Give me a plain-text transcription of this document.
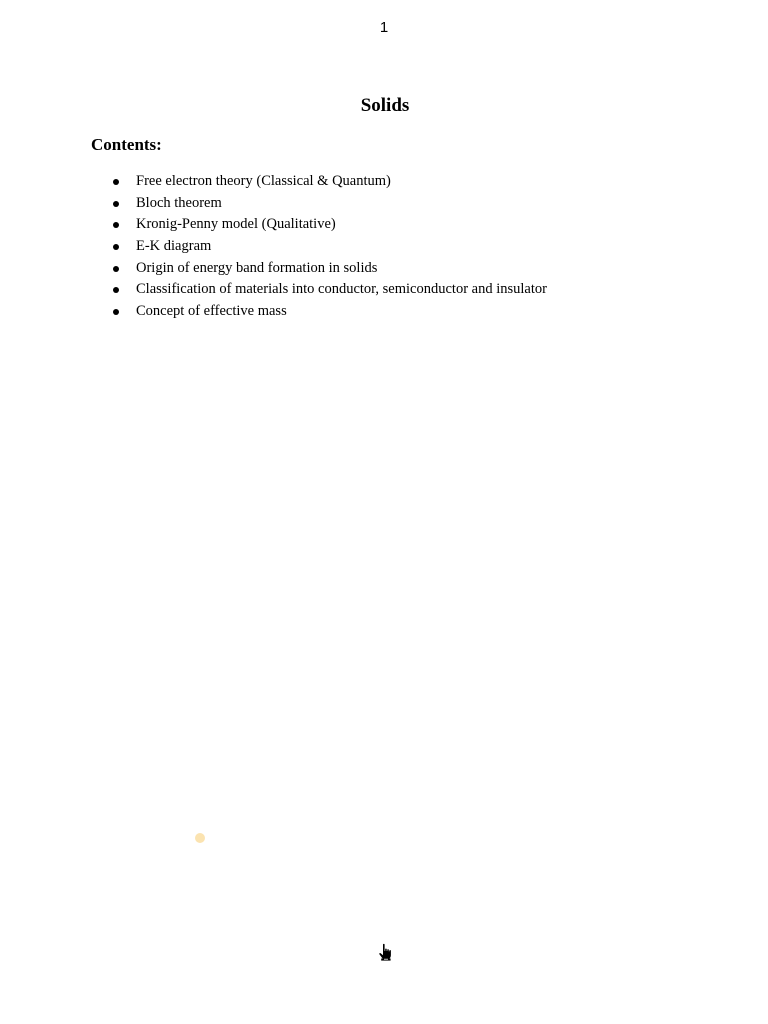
1
Solids
Contents:
Free electron theory (Classical & Quantum)
Bloch theorem
Kronig-Penny model (Qualitative)
E-K diagram
Origin of energy band formation in solids
Classification of materials into conductor, semiconductor and insulator
Concept of effective mass
